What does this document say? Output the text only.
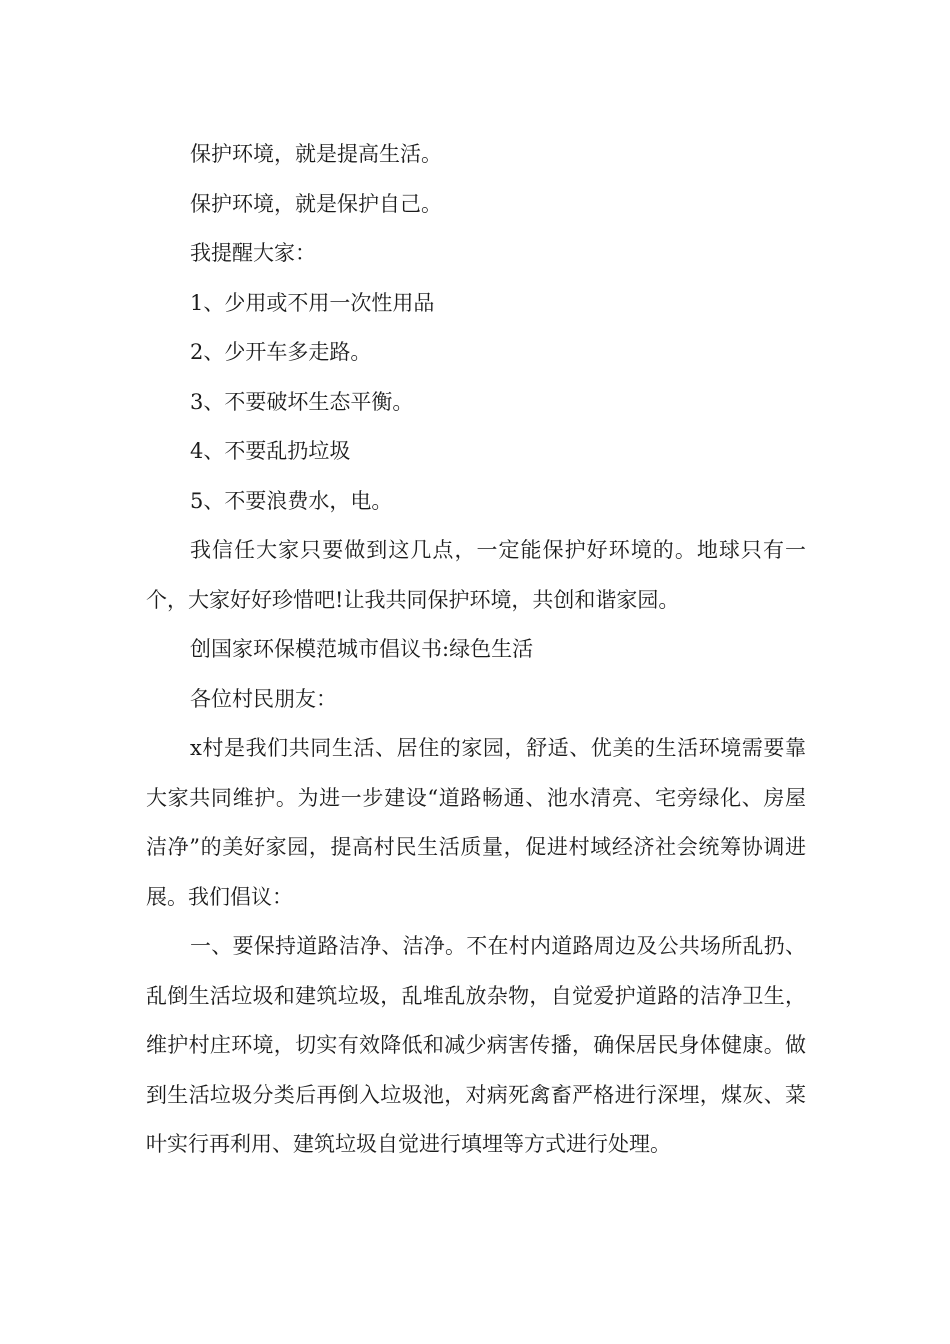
保护环境，就是提高生活。

保护环境，就是保护自己。

我提醒大家：

1、少用或不用一次性用品

2、少开车多走路。

3、不要破坏生态平衡。

4、不要乱扔垃圾

5、不要浪费水，电。

我信任大家只要做到这几点，一定能保护好环境的。地球只有一个，大家好好珍惜吧!让我共同保护环境，共创和谐家园。

创国家环保模范城市倡议书:绿色生活

各位村民朋友：

x村是我们共同生活、居住的家园，舒适、优美的生活环境需要靠大家共同维护。为进一步建设“道路畅通、池水清亮、宅旁绿化、房屋洁净”的美好家园，提高村民生活质量，促进村域经济社会统筹协调进展。我们倡议：

一、要保持道路洁净、洁净。不在村内道路周边及公共场所乱扔、乱倒生活垃圾和建筑垃圾，乱堆乱放杂物，自觉爱护道路的洁净卫生，维护村庄环境，切实有效降低和减少病害传播，确保居民身体健康。做到生活垃圾分类后再倒入垃圾池，对病死禽畜严格进行深埋，煤灰、菜叶实行再利用、建筑垃圾自觉进行填埋等方式进行处理。
